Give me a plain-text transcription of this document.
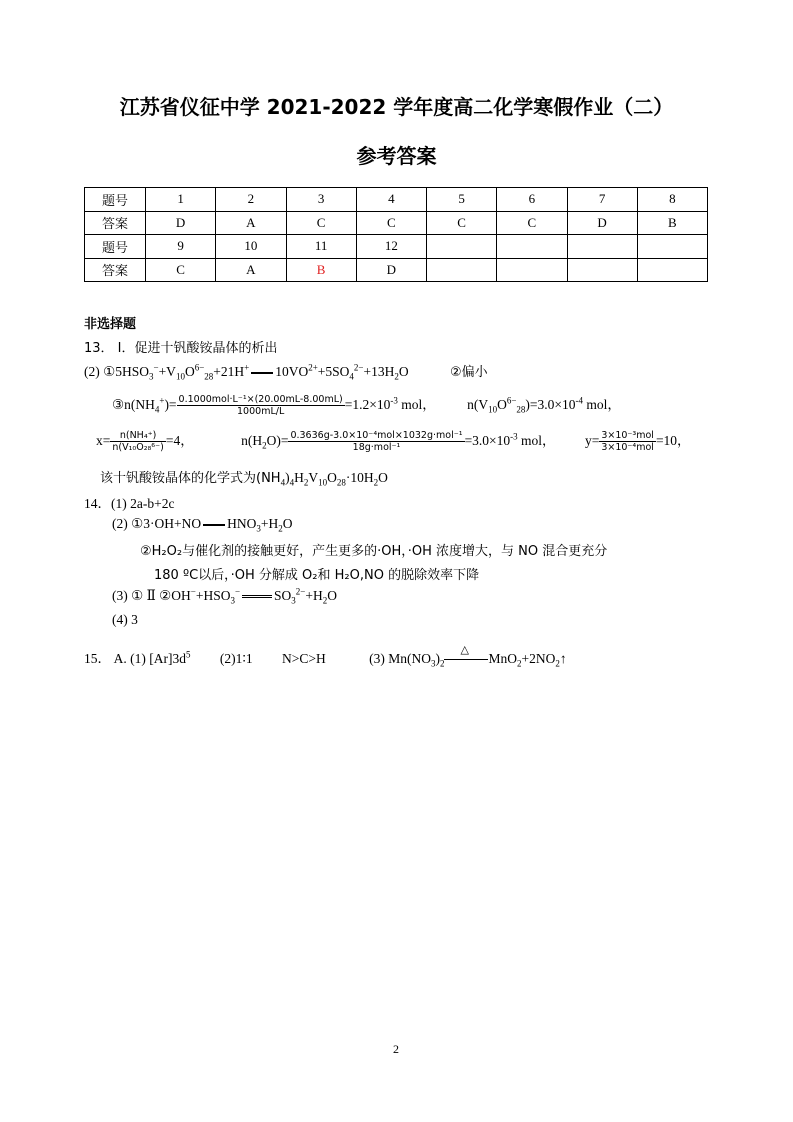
江苏省仪征中学 2021-2022 学年度高二化学寒假作业（二）
参考答案
题号	1	2	3	4	5	6	7	8
答案	D	A	C	C	C	C	D	B
题号	9	10	11	12				
答案	C	A	B	D				
非选择题
13． I．促进十钒酸铵晶体的析出
(2) $①5HSO_3^-+V_{10}O^{6-}_{28}+21H^+$ $10VO^{2+}+5SO_4^{2-}+13H_2O$	②偏小
$③n(NH_4^+)= \frac{\text{0.1000mol·L⁻¹×(20.00mL-8.00mL)}}{1000mL/L} =1.2\times 10^{-3}$ mol， $n(V_{10}O^{6-}_{28})=3.0\times 10^{-4}$ mol，
$x= \frac{\text{n(NH₄⁺)}}{\text{n(V₁₀O₂₈⁶⁻)}} =4$，	$n(H_2O)= \frac{\text{0.3636g-3.0×10⁻⁴mol×1032g·mol⁻¹}}{\text{18g·mol⁻¹}} =3.0\times 10^{-3}$ mol， $y= \frac{\text{3×10⁻³mol}}{\text{3×10⁻⁴mol}} =10$，
该十钒酸铵晶体的化学式为$(NH_4)_4H_2V_{10}O_{28}\cdot 10H_2O$
14．(1) 2a-b+2c
(2) ①3·OH+NO $HNO_3+H_2O$
②H₂O₂与催化剂的接触更好，产生更多的·OH，·OH 浓度增大，与 NO 混合更充分
180 ºC以后，·OH 分解成 O₂和 H₂O,NO 的脱除效率下降
(3) ① Ⅱ $②OH^-+HSO_3^-$	$SO_3^{2-}+H_2O$
(4) 3
15． A. (1) $[Ar]3d^5$ (2)1∶1 N>C>H	(3) $Mn(NO_3)_2$
△
$MnO_2+2NO_2↑$
2
